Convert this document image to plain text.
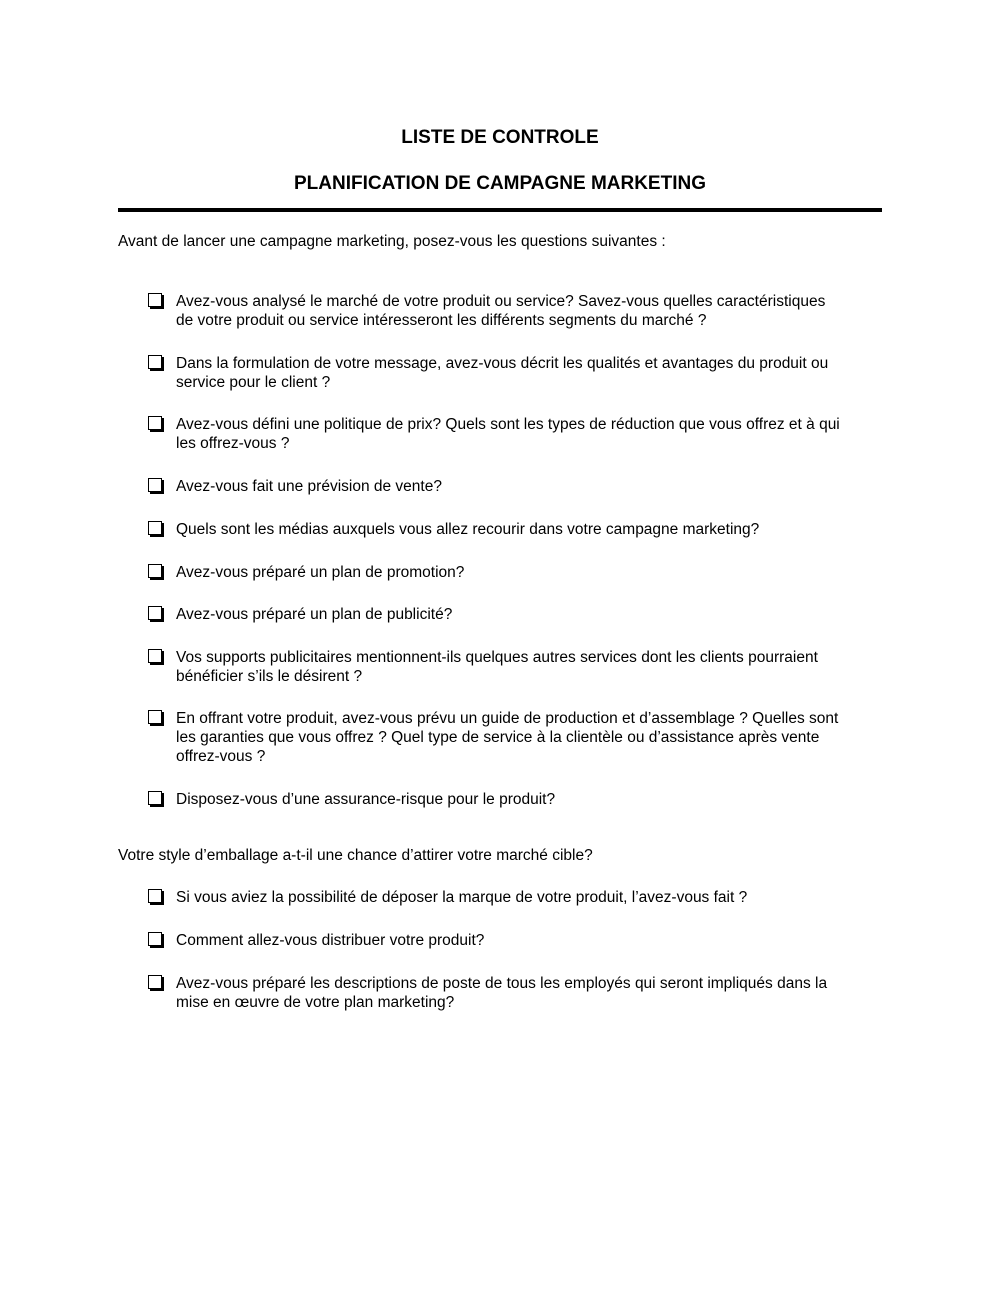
LISTE DE CONTROLE
PLANIFICATION DE CAMPAGNE MARKETING

Avant de lancer une campagne marketing, posez-vous les questions suivantes :

Avez-vous analysé le marché de votre produit ou service? Savez-vous quelles caractéristiques
de votre produit ou service intéresseront les différents segments du marché ?

Dans la formulation de votre message, avez-vous décrit les qualités et avantages du produit ou
service pour le client ?

Avez-vous défini une politique de prix? Quels sont les types de réduction que vous offrez et à qui
les offrez-vous ?

Avez-vous fait une prévision de vente?

Quels sont les médias auxquels vous allez recourir dans votre campagne marketing?

Avez-vous préparé un plan de promotion?

Avez-vous préparé un plan de publicité?

Vos supports publicitaires mentionnent-ils quelques autres services dont les clients pourraient
bénéficier s’ils le désirent ?

En offrant votre produit, avez-vous prévu un guide de production et d’assemblage ? Quelles sont
les garanties que vous offrez ? Quel type de service à la clientèle ou d’assistance après vente
offrez-vous ?

Disposez-vous d’une assurance-risque pour le produit?

Votre style d’emballage a-t-il une chance d’attirer votre marché cible?

Si vous aviez la possibilité de déposer la marque de votre produit, l’avez-vous fait ?

Comment allez-vous distribuer votre produit?

Avez-vous préparé les descriptions de poste de tous les employés qui seront impliqués dans la
mise en œuvre de votre plan marketing?
